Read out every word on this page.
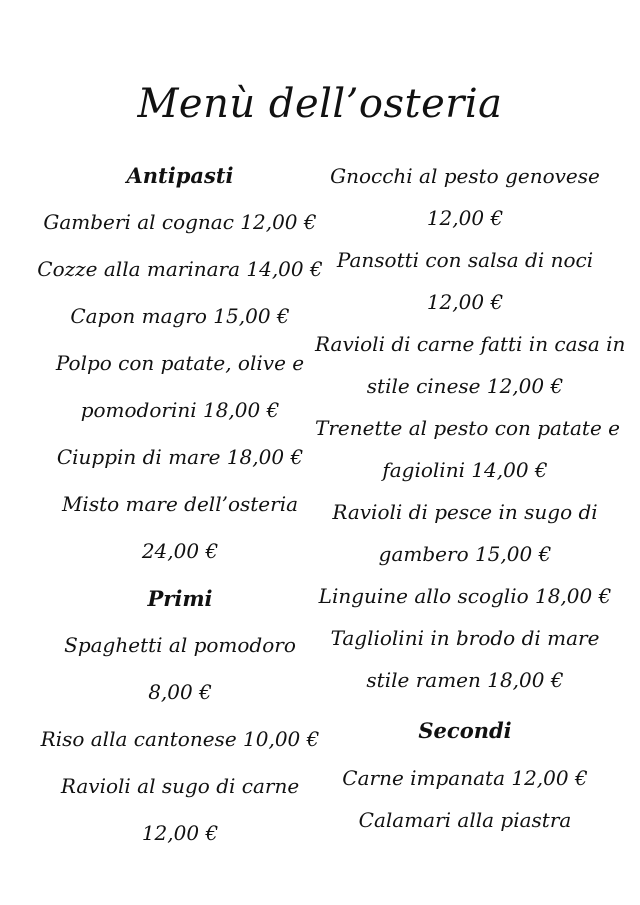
Menù dell’osteria
Antipasti
Gamberi al cognac 12,00 €
Cozze alla marinara 14,00 €
Capon magro 15,00 €
Polpo con patate, olive e
pomodorini 18,00 €
Ciuppin di mare 18,00 €
Misto mare dell’osteria
24,00 €
Primi
Spaghetti al pomodoro
8,00 €
Riso alla cantonese 10,00 €
Ravioli al sugo di carne
12,00 €
Gnocchi al pesto genovese
12,00 €
Pansotti con salsa di noci
12,00 €
Ravioli di carne fatti in casa in
stile cinese 12,00 €
Trenette al pesto con patate e
fagiolini 14,00 €
Ravioli di pesce in sugo di
gambero 15,00 €
Linguine allo scoglio 18,00 €
Tagliolini in brodo di mare
stile ramen 18,00 €
Secondi
Carne impanata 12,00 €
Calamari alla piastra
